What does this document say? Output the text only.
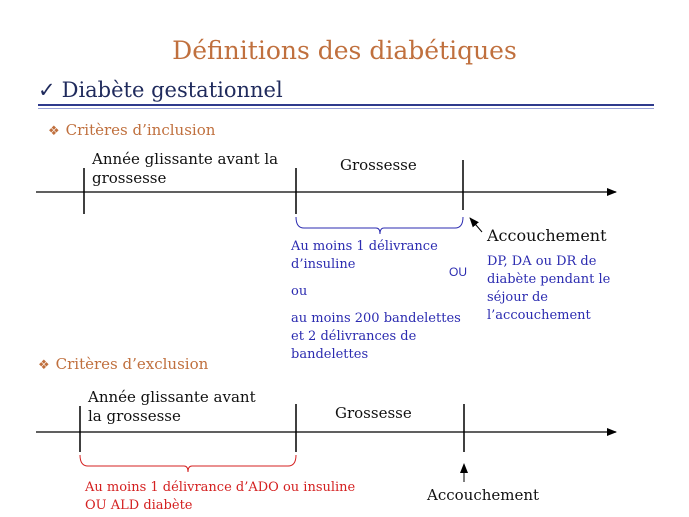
Définitions des diabétiques
✓ Diabète gestationnel
❖ Critères d’inclusion
Année glissante avant la
grossesse
Grossesse
Accouchement
Au moins 1 délivrance
d’insuline
ou
au moins 200 bandelettes
et 2 délivrances de
bandelettes
OU
DP, DA ou DR de
diabète pendant le
séjour de
l’accouchement
❖ Critères d’exclusion
Année glissante avant
la grossesse	Grossesse
Accouchement
Au moins 1 délivrance d’ADO ou insuline
OU ALD diabète
